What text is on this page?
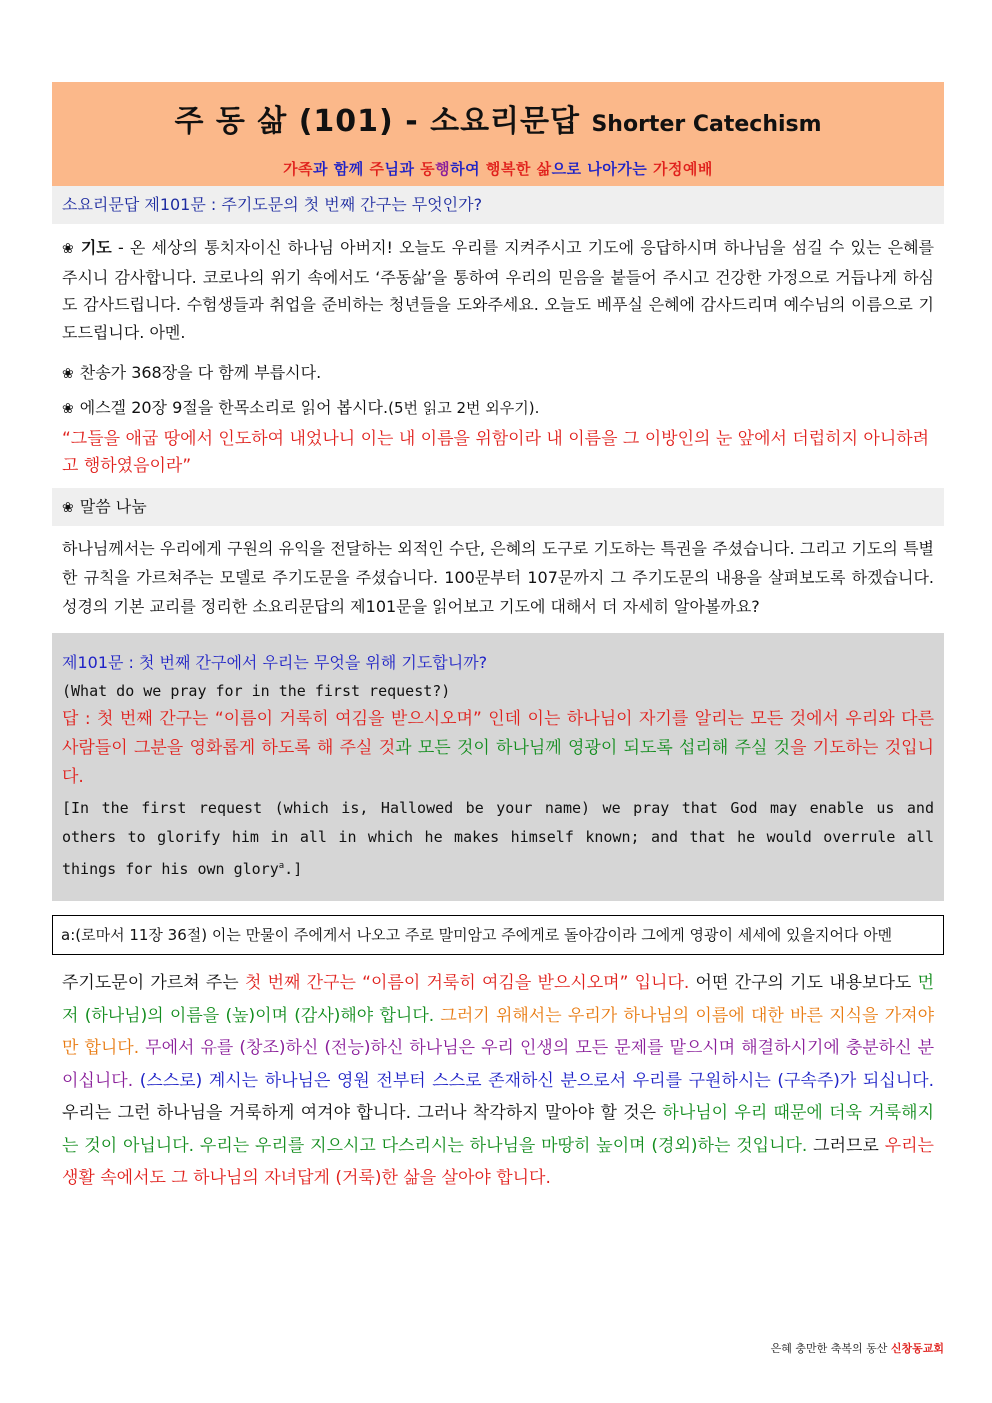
주 동 삶 (101) - 소요리문답 Shorter Catechism
가족과 함께 주님과 동행하여 행복한 삶으로 나아가는 가정예배
소요리문답 제101문 : 주기도문의 첫 번째 간구는 무엇인가?
❀ 기도 - 온 세상의 통치자이신 하나님 아버지! 오늘도 우리를 지켜주시고 기도에 응답하시며 하나님을 섬길 수 있는 은혜를 주시니 감사합니다. 코로나의 위기 속에서도 ‘주동삶’을 통하여 우리의 믿음을 붙들어 주시고 건강한 가정으로 거듭나게 하심도 감사드립니다. 수험생들과 취업을 준비하는 청년들을 도와주세요. 오늘도 베푸실 은혜에 감사드리며 예수님의 이름으로 기도드립니다. 아멘.
❀ 찬송가 368장을 다 함께 부릅시다.
❀ 에스겔 20장 9절을 한목소리로 읽어 봅시다.(5번 읽고 2번 외우기).
“그들을 애굽 땅에서 인도하여 내었나니 이는 내 이름을 위함이라 내 이름을 그 이방인의 눈 앞에서 더럽히지 아니하려고 행하였음이라”
❀ 말씀 나눔
하나님께서는 우리에게 구원의 유익을 전달하는 외적인 수단, 은혜의 도구로 기도하는 특권을 주셨습니다. 그리고 기도의 특별한 규칙을 가르쳐주는 모델로 주기도문을 주셨습니다. 100문부터 107문까지 그 주기도문의 내용을 살펴보도록 하겠습니다. 성경의 기본 교리를 정리한 소요리문답의 제101문을 읽어보고 기도에 대해서 더 자세히 알아볼까요?
제101문 : 첫 번째 간구에서 우리는 무엇을 위해 기도합니까?
(What do we pray for in the first request?)
답 : 첫 번째 간구는 “이름이 거룩히 여김을 받으시오며” 인데 이는 하나님이 자기를 알리는 모든 것에서 우리와 다른 사람들이 그분을 영화롭게 하도록 해 주실 것과 모든 것이 하나님께 영광이 되도록 섭리해 주실 것을 기도하는 것입니다.
[In the first request (which is, Hallowed be your name) we pray that God may enable us and others to glorify him in all in which he makes himself known; and that he would overrule all things for his own glory$^a$.]
a:(로마서 11장 36절) 이는 만물이 주에게서 나오고 주로 말미암고 주에게로 돌아감이라 그에게 영광이 세세에 있을지어다 아멘
주기도문이 가르쳐 주는 첫 번째 간구는 “이름이 거룩히 여김을 받으시오며” 입니다. 어떤 간구의 기도 내용보다도 먼저 (하나님)의 이름을 (높)이며 (감사)해야 합니다. 그러기 위해서는 우리가 하나님의 이름에 대한 바른 지식을 가져야만 합니다. 무에서 유를 (창조)하신 (전능)하신 하나님은 우리 인생의 모든 문제를 맡으시며 해결하시기에 충분하신 분이십니다. (스스로) 계시는 하나님은 영원 전부터 스스로 존재하신 분으로서 우리를 구원하시는 (구속주)가 되십니다. 우리는 그런 하나님을 거룩하게 여겨야 합니다. 그러나 착각하지 말아야 할 것은 하나님이 우리 때문에 더욱 거룩해지는 것이 아닙니다. 우리는 우리를 지으시고 다스리시는 하나님을 마땅히 높이며 (경외)하는 것입니다. 그러므로 우리는 생활 속에서도 그 하나님의 자녀답게 (거룩)한 삶을 살아야 합니다.
은혜 충만한 축복의 동산 신창동교회
